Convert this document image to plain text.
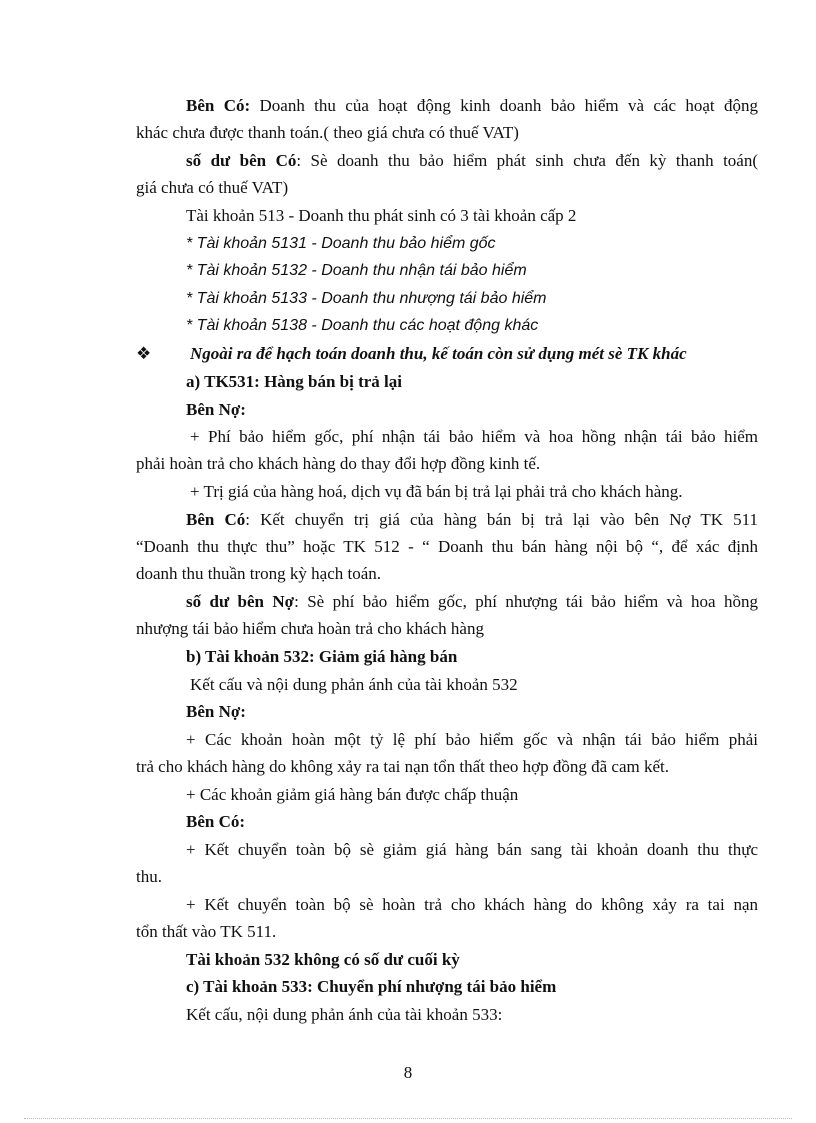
Bên Có: Doanh thu của hoạt động kinh doanh bảo hiểm và các hoạt động
khác chưa được thanh toán.( theo giá chưa có thuế VAT)
số dư bên Có: Sè doanh thu bảo hiểm phát sinh chưa đến kỳ thanh toán(
giá chưa có thuế VAT)
Tài khoản 513 - Doanh thu phát sinh có 3 tài khoản cấp 2
* Tài khoản 5131 - Doanh thu bảo hiểm gốc
* Tài khoản 5132 - Doanh thu nhận tái bảo hiểm
* Tài khoản 5133 - Doanh thu nhượng tái bảo hiểm
* Tài khoản 5138 - Doanh thu các hoạt động khác
❖ Ngoài ra để hạch toán doanh thu, kế toán còn sử dụng mét sè TK khác
a) TK531: Hàng bán bị trả lại
Bên Nợ:
+ Phí bảo hiểm gốc, phí nhận tái bảo hiểm và hoa hồng nhận tái bảo hiểm
phải hoàn trả cho khách hàng do thay đổi hợp đồng kinh tế.
+ Trị giá của hàng hoá, dịch vụ đã bán bị trả lại phải trả cho khách hàng.
Bên Có: Kết chuyển trị giá của hàng bán bị trả lại vào bên Nợ TK 511
“Doanh thu thực thu” hoặc TK 512 - “ Doanh thu bán hàng nội bộ “, để xác định
doanh thu thuần trong kỳ hạch toán.
số dư bên Nợ: Sè phí bảo hiểm gốc, phí nhượng tái bảo hiểm và hoa hồng
nhượng tái bảo hiểm chưa hoàn trả cho khách hàng
b) Tài khoản 532: Giảm giá hàng bán
Kết cấu và nội dung phản ánh của tài khoản 532
Bên Nợ:
+ Các khoản hoàn một tỷ lệ phí bảo hiểm gốc và nhận tái bảo hiểm phải
trả cho khách hàng do không xảy ra tai nạn tổn thất theo hợp đồng đã cam kết.
+ Các khoản giảm giá hàng bán được chấp thuận
Bên Có:
+ Kết chuyển toàn bộ sè giảm giá hàng bán sang tài khoản doanh thu thực
thu.
+ Kết chuyển toàn bộ sè hoàn trả cho khách hàng do không xảy ra tai nạn
tổn thất vào TK 511.
Tài khoản 532 không có số dư cuối kỳ
c) Tài khoản 533: Chuyển phí nhượng tái bảo hiểm
Kết cấu, nội dung phản ánh của tài khoản 533:
8
